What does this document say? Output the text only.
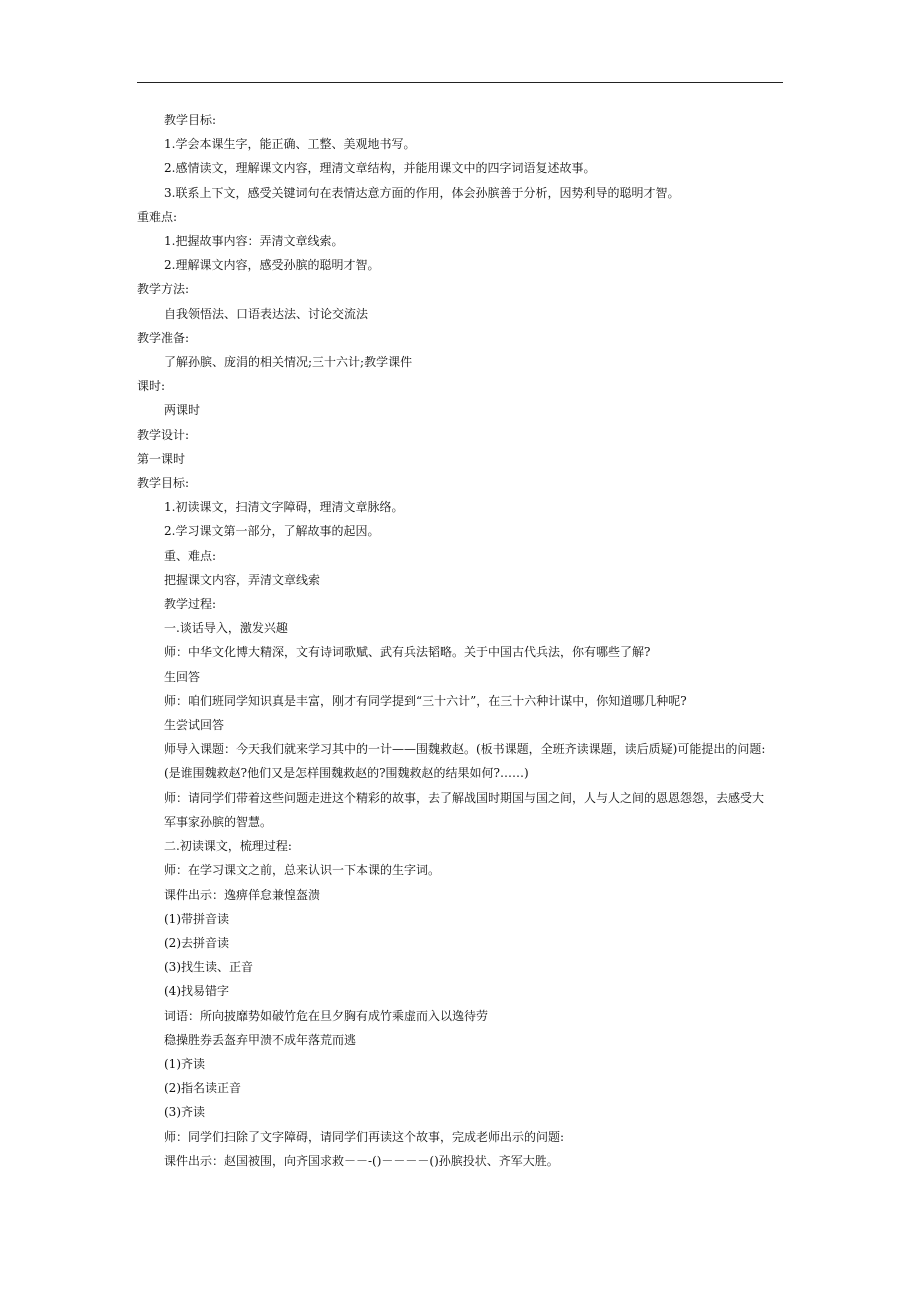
教学目标:
1.学会本课生字，能正确、工整、美观地书写。
2.感情读文，理解课文内容，理清文章结构，并能用课文中的四字词语复述故事。
3.联系上下文，感受关键词句在表情达意方面的作用，体会孙膑善于分析，因势利导的聪明才智。
重难点:
1.把握故事内容：弄清文章线索。
2.理解课文内容，感受孙膑的聪明才智。
教学方法:
自我领悟法、口语表达法、讨论交流法
教学准备:
了解孙膑、庞涓的相关情况;三十六计;教学课件
课时:
两课时
教学设计:
第一课时
教学目标:
1.初读课文，扫清文字障碍，理清文章脉络。
2.学习课文第一部分，了解故事的起因。
重、难点:
把握课文内容，弄清文章线索
教学过程:
一.谈话导入，激发兴趣
师：中华文化博大精深，文有诗词歌赋、武有兵法韬略。关于中国古代兵法，你有哪些了解?
生回答
师：咱们班同学知识真是丰富，刚才有同学提到“三十六计”，在三十六种计谋中，你知道哪几种呢?
生尝试回答
师导入课题：今天我们就来学习其中的一计——围魏救赵。(板书课题，全班齐读课题，读后质疑)可能提出的问题:
(是谁围魏救赵?他们又是怎样围魏救赵的?围魏救赵的结果如何?……)
师：请同学们带着这些问题走进这个精彩的故事，去了解战国时期国与国之间，人与人之间的恩恩怨怨，去感受大
军事家孙膑的智慧。
二.初读课文，梳理过程:
师：在学习课文之前，总来认识一下本课的生字词。
课件出示：逸痹佯怠兼惶盔溃
(1)带拼音读
(2)去拼音读
(3)找生读、正音
(4)找易错字
词语：所向披靡势如破竹危在旦夕胸有成竹乘虚而入以逸待劳
稳操胜券丢盔弃甲溃不成年落荒而逃
(1)齐读
(2)指名读正音
(3)齐读
师：同学们扫除了文字障碍，请同学们再读这个故事，完成老师出示的问题:
课件出示：赵国被围，向齐国求救－－-()－－－－()孙膑投状、齐军大胜。
